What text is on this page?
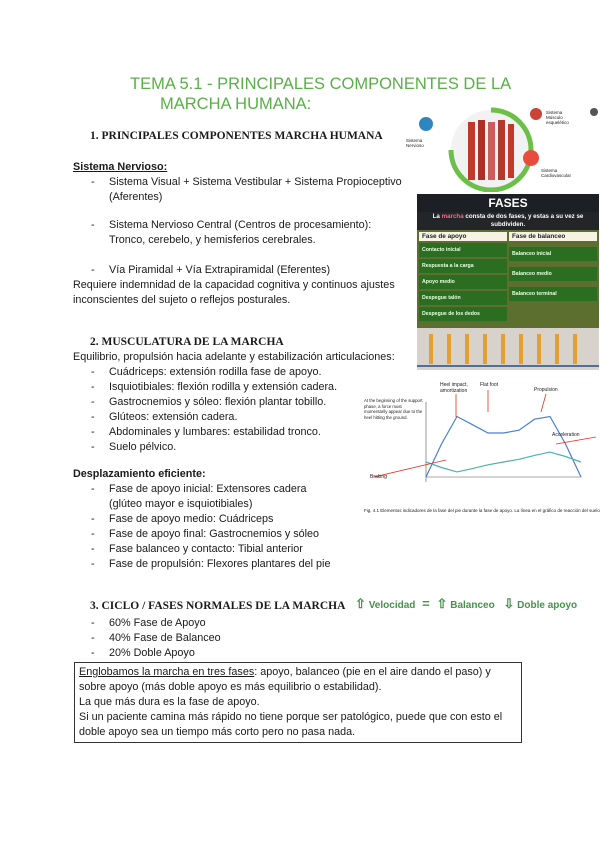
TEMA 5.1 - PRINCIPALES COMPONENTES DE LA
MARCHA HUMANA:
1. PRINCIPALES COMPONENTES MARCHA HUMANA
Sistema Nervioso:
- Sistema Visual + Sistema Vestibular + Sistema Propioceptivo (Aferentes)
- Sistema Nervioso Central (Centros de procesamiento): Tronco, cerebelo, y hemisferios cerebrales.
- Vía Piramidal + Vía Extrapiramidal (Eferentes)
Requiere indemnidad de la capacidad cognitiva y continuos ajustes inconscientes del sujeto o reflejos posturales.
2. MUSCULATURA DE LA MARCHA
Equilibrio, propulsión hacia adelante y estabilización articulaciones:
- Cuádriceps: extensión rodilla fase de apoyo.
- Isquiotibiales: flexión rodilla y extensión cadera.
- Gastrocnemios y sóleo: flexión plantar tobillo.
- Glúteos: extensión cadera.
- Abdominales y lumbares: estabilidad tronco.
- Suelo pélvico.
Desplazamiento eficiente:
- Fase de apoyo inicial: Extensores cadera (glúteo mayor e isquiotibiales)
- Fase de apoyo medio: Cuádriceps
- Fase de apoyo final: Gastrocnemios y sóleo
- Fase balanceo y contacto: Tibial anterior
- Fase de propulsión: Flexores plantares del pie
3. CICLO / FASES NORMALES DE LA MARCHA
- 60% Fase de Apoyo
- 40% Fase de Balanceo
- 20% Doble Apoyo
⇧ Velocidad = ⇧ Balanceo ⇩ Doble apoyo
Englobamos la marcha en tres fases: apoyo, balanceo (pie en el aire dando el paso) y sobre apoyo (más doble apoyo es más equilibrio o estabilidad).
La que más dura es la fase de apoyo.
Si un paciente camina más rápido no tiene porque ser patológico, puede que con esto el doble apoyo sea un tiempo más corto pero no pasa nada.
Sistema Nervioso
Sistema Músculo esquelético
Sistema Cardiovascular
FASES
La marcha consta de dos fases, y estas a su vez se subdividen.
Fase de apoyo
Contacto inicial
Respuesta a la carga
Apoyo medio
Despegue talón
Despegue de los dedos
Fase de balanceo
Balanceo inicial
Balanceo medio
Balanceo terminal
Heel impact, amortization
Flat foot
Propulsion
Acceleration
Braking
At the beginning of the support phase, a force must momentarily appear due to the heel hitting the ground.
Fig. 4.1 Elementos indicadores de la fase del pie durante la fase de apoyo. La línea en el gráfico de reacción del suelo
